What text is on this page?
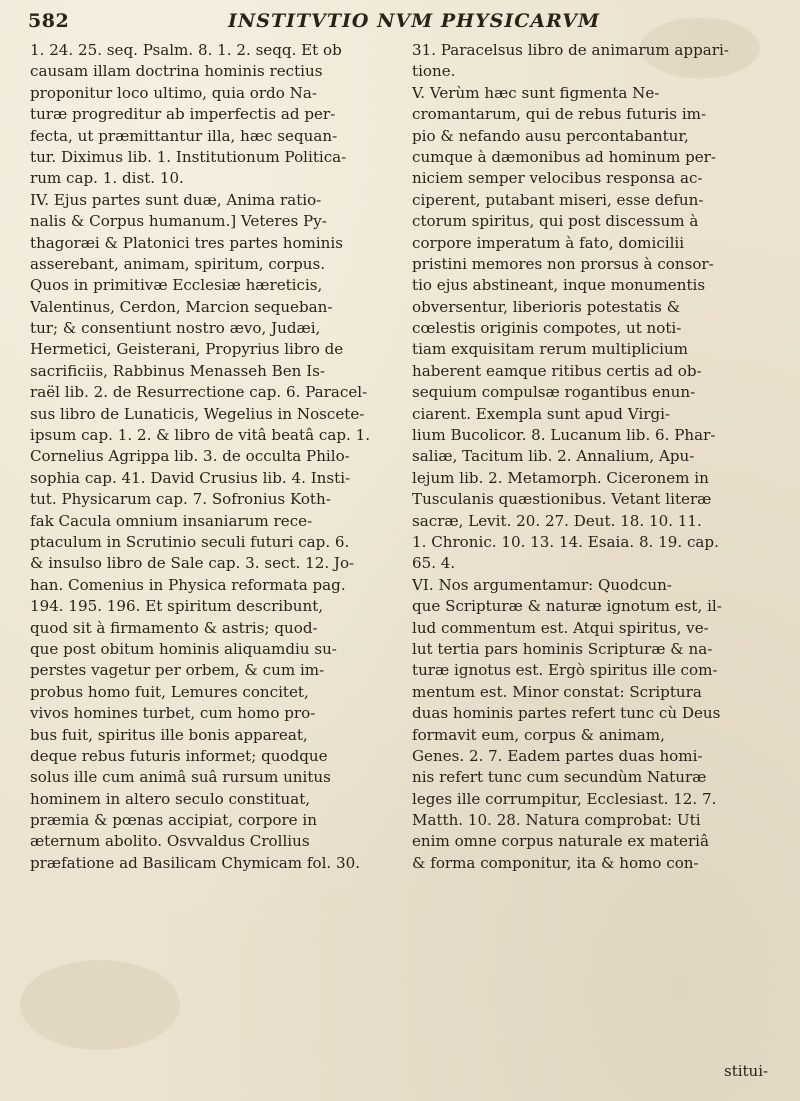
582	INSTITVTIO NVM PHYSICARVM
1. 24. 25. seq. Psalm. 8. 1. 2. seqq. Et ob
causam illam doctrina hominis rectius
proponitur loco ultimo, quia ordo Na-
turæ progreditur ab imperfectis ad per-
fecta, ut præmittantur illa, hæc sequan-
tur. Diximus lib. 1. Institutionum Politica-
rum cap. 1. dist. 10.
IV. Ejus partes sunt duæ, Anima ratio-
nalis & Corpus humanum.] Veteres Py-
thagoræi & Platonici tres partes hominis
asserebant, animam, spiritum, corpus.
Quos in primitivæ Ecclesiæ hæreticis,
Valentinus, Cerdon, Marcion sequeban-
tur; & consentiunt nostro ævo, Judæi,
Hermetici, Geisterani, Propyrius libro de
sacrificiis, Rabbinus Menasseh Ben Is-
raël lib. 2. de Resurrectione cap. 6. Paracel-
sus libro de Lunaticis, Wegelius in Noscete-
ipsum cap. 1. 2. & libro de vitâ beatâ cap. 1.
Cornelius Agrippa lib. 3. de occulta Philo-
sophia cap. 41. David Crusius lib. 4. Insti-
tut. Physicarum cap. 7. Sofronius Koth-
fak Cacula omnium insaniarum rece-
ptaculum in Scrutinio seculi futuri cap. 6.
& insulso libro de Sale cap. 3. sect. 12. Jo-
han. Comenius in Physica reformata pag.
194. 195. 196. Et spiritum describunt,
quod sit à firmamento & astris; quod-
que post obitum hominis aliquamdiu su-
perstes vagetur per orbem, & cum im-
probus homo fuit, Lemures concitet,
vivos homines turbet, cum homo pro-
bus fuit, spiritus ille bonis appareat,
deque rebus futuris informet; quodque
solus ille cum animâ suâ rursum unitus
hominem in altero seculo constituat,
præmia & pœnas accipiat, corpore in
æternum abolito. Osvvaldus Crollius
præfatione ad Basilicam Chymicam fol. 30.
31. Paracelsus libro de animarum appari-
tione.
V. Verùm hæc sunt figmenta Ne-
cromantarum, qui de rebus futuris im-
pio & nefando ausu percontabantur,
cumque à dæmonibus ad hominum per-
niciem semper velocibus responsa ac-
ciperent, putabant miseri, esse defun-
ctorum spiritus, qui post discessum à
corpore imperatum à fato, domicilii
pristini memores non prorsus à consor-
tio ejus abstineant, inque monumentis
obversentur, liberioris potestatis &
cœlestis originis compotes, ut noti-
tiam exquisitam rerum multiplicium
haberent eamque ritibus certis ad ob-
sequium compulsæ rogantibus enun-
ciarent. Exempla sunt apud Virgi-
lium Bucolicor. 8. Lucanum lib. 6. Phar-
saliæ, Tacitum lib. 2. Annalium, Apu-
lejum lib. 2. Metamorph. Ciceronem in
Tusculanis quæstionibus. Vetant literæ
sacræ, Levit. 20. 27. Deut. 18. 10. 11.
1. Chronic. 10. 13. 14. Esaia. 8. 19. cap.
65. 4.
VI. Nos argumentamur: Quodcun-
que Scripturæ & naturæ ignotum est, il-
lud commentum est. Atqui spiritus, ve-
lut tertia pars hominis Scripturæ & na-
turæ ignotus est. Ergò spiritus ille com-
mentum est. Minor constat: Scriptura
duas hominis partes refert tunc cù Deus
formavit eum, corpus & animam,
Genes. 2. 7. Eadem partes duas homi-
nis refert tunc cum secundùm Naturæ
leges ille corrumpitur, Ecclesiast. 12. 7.
Matth. 10. 28. Natura comprobat: Uti
enim omne corpus naturale ex materiâ
& forma componitur, ita & homo con-
stitui-
